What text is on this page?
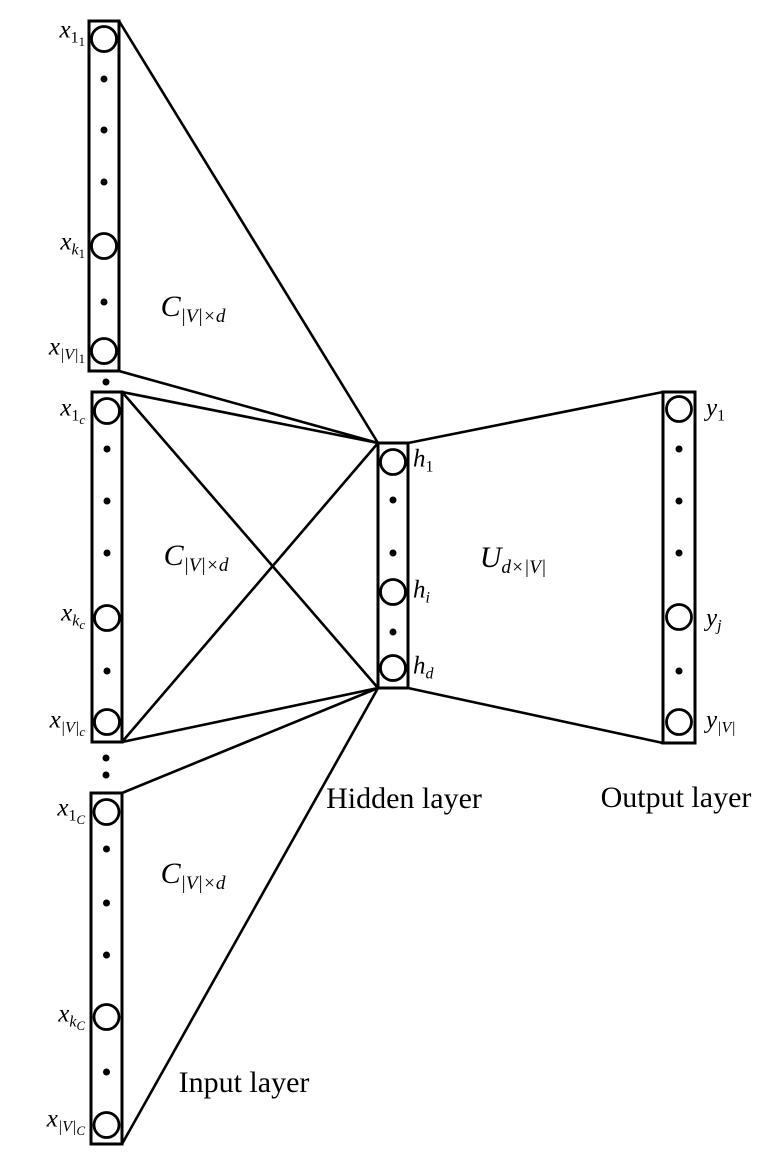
$x1_1$
$xk_1$
$x|V|_1$
$x1_c$
$xk_c$
$x|V|_c$
$x1_C$
$xk_C$
$x|V|_C$
h1
hi
hd
y1
yj
y|V|
C|V|×d
C|V|×d
C|V|×d
Ud×|V|
Input layer
Hidden layer	Output layer
